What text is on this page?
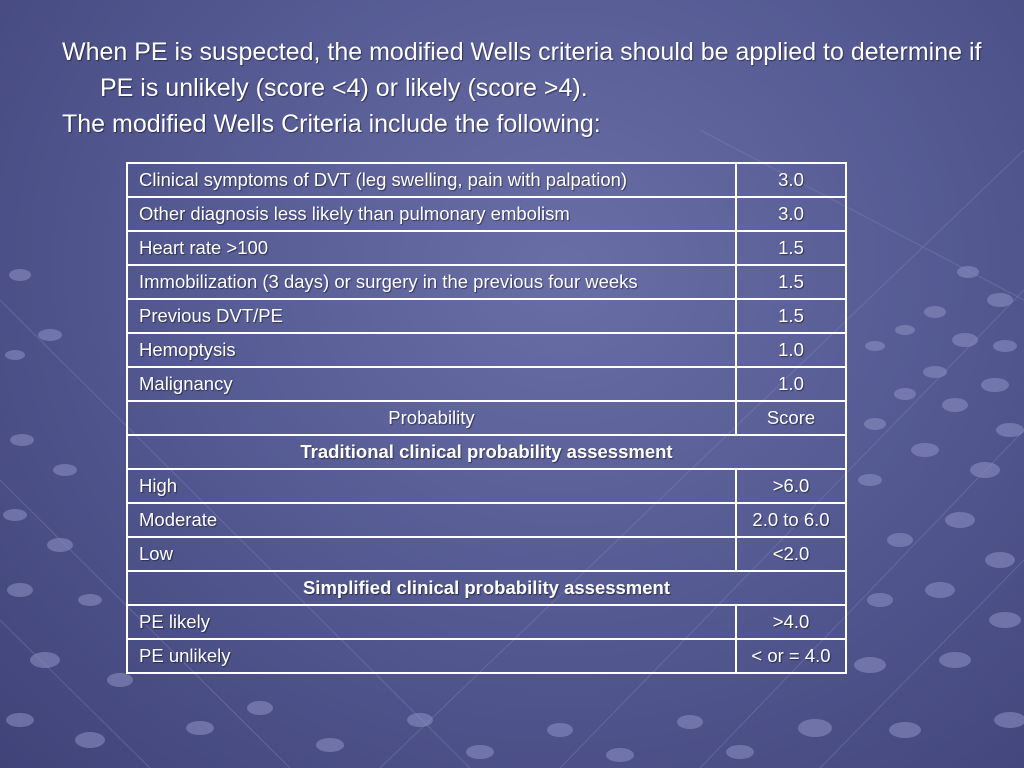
When PE is suspected, the modified Wells criteria should be applied to determine if PE is unlikely (score <4) or likely (score >4).

The modified Wells Criteria include the following:

Clinical symptoms of DVT (leg swelling, pain with palpation)	3.0
Other diagnosis less likely than pulmonary embolism	3.0
Heart rate >100	1.5
Immobilization (3 days) or surgery in the previous four weeks	1.5
Previous DVT/PE	1.5
Hemoptysis	1.0
Malignancy	1.0
Probability	Score
Traditional clinical probability assessment	
High	>6.0
Moderate	2.0 to 6.0
Low	<2.0
Simplified clinical probability assessment	
PE likely	>4.0
PE unlikely	< or = 4.0
